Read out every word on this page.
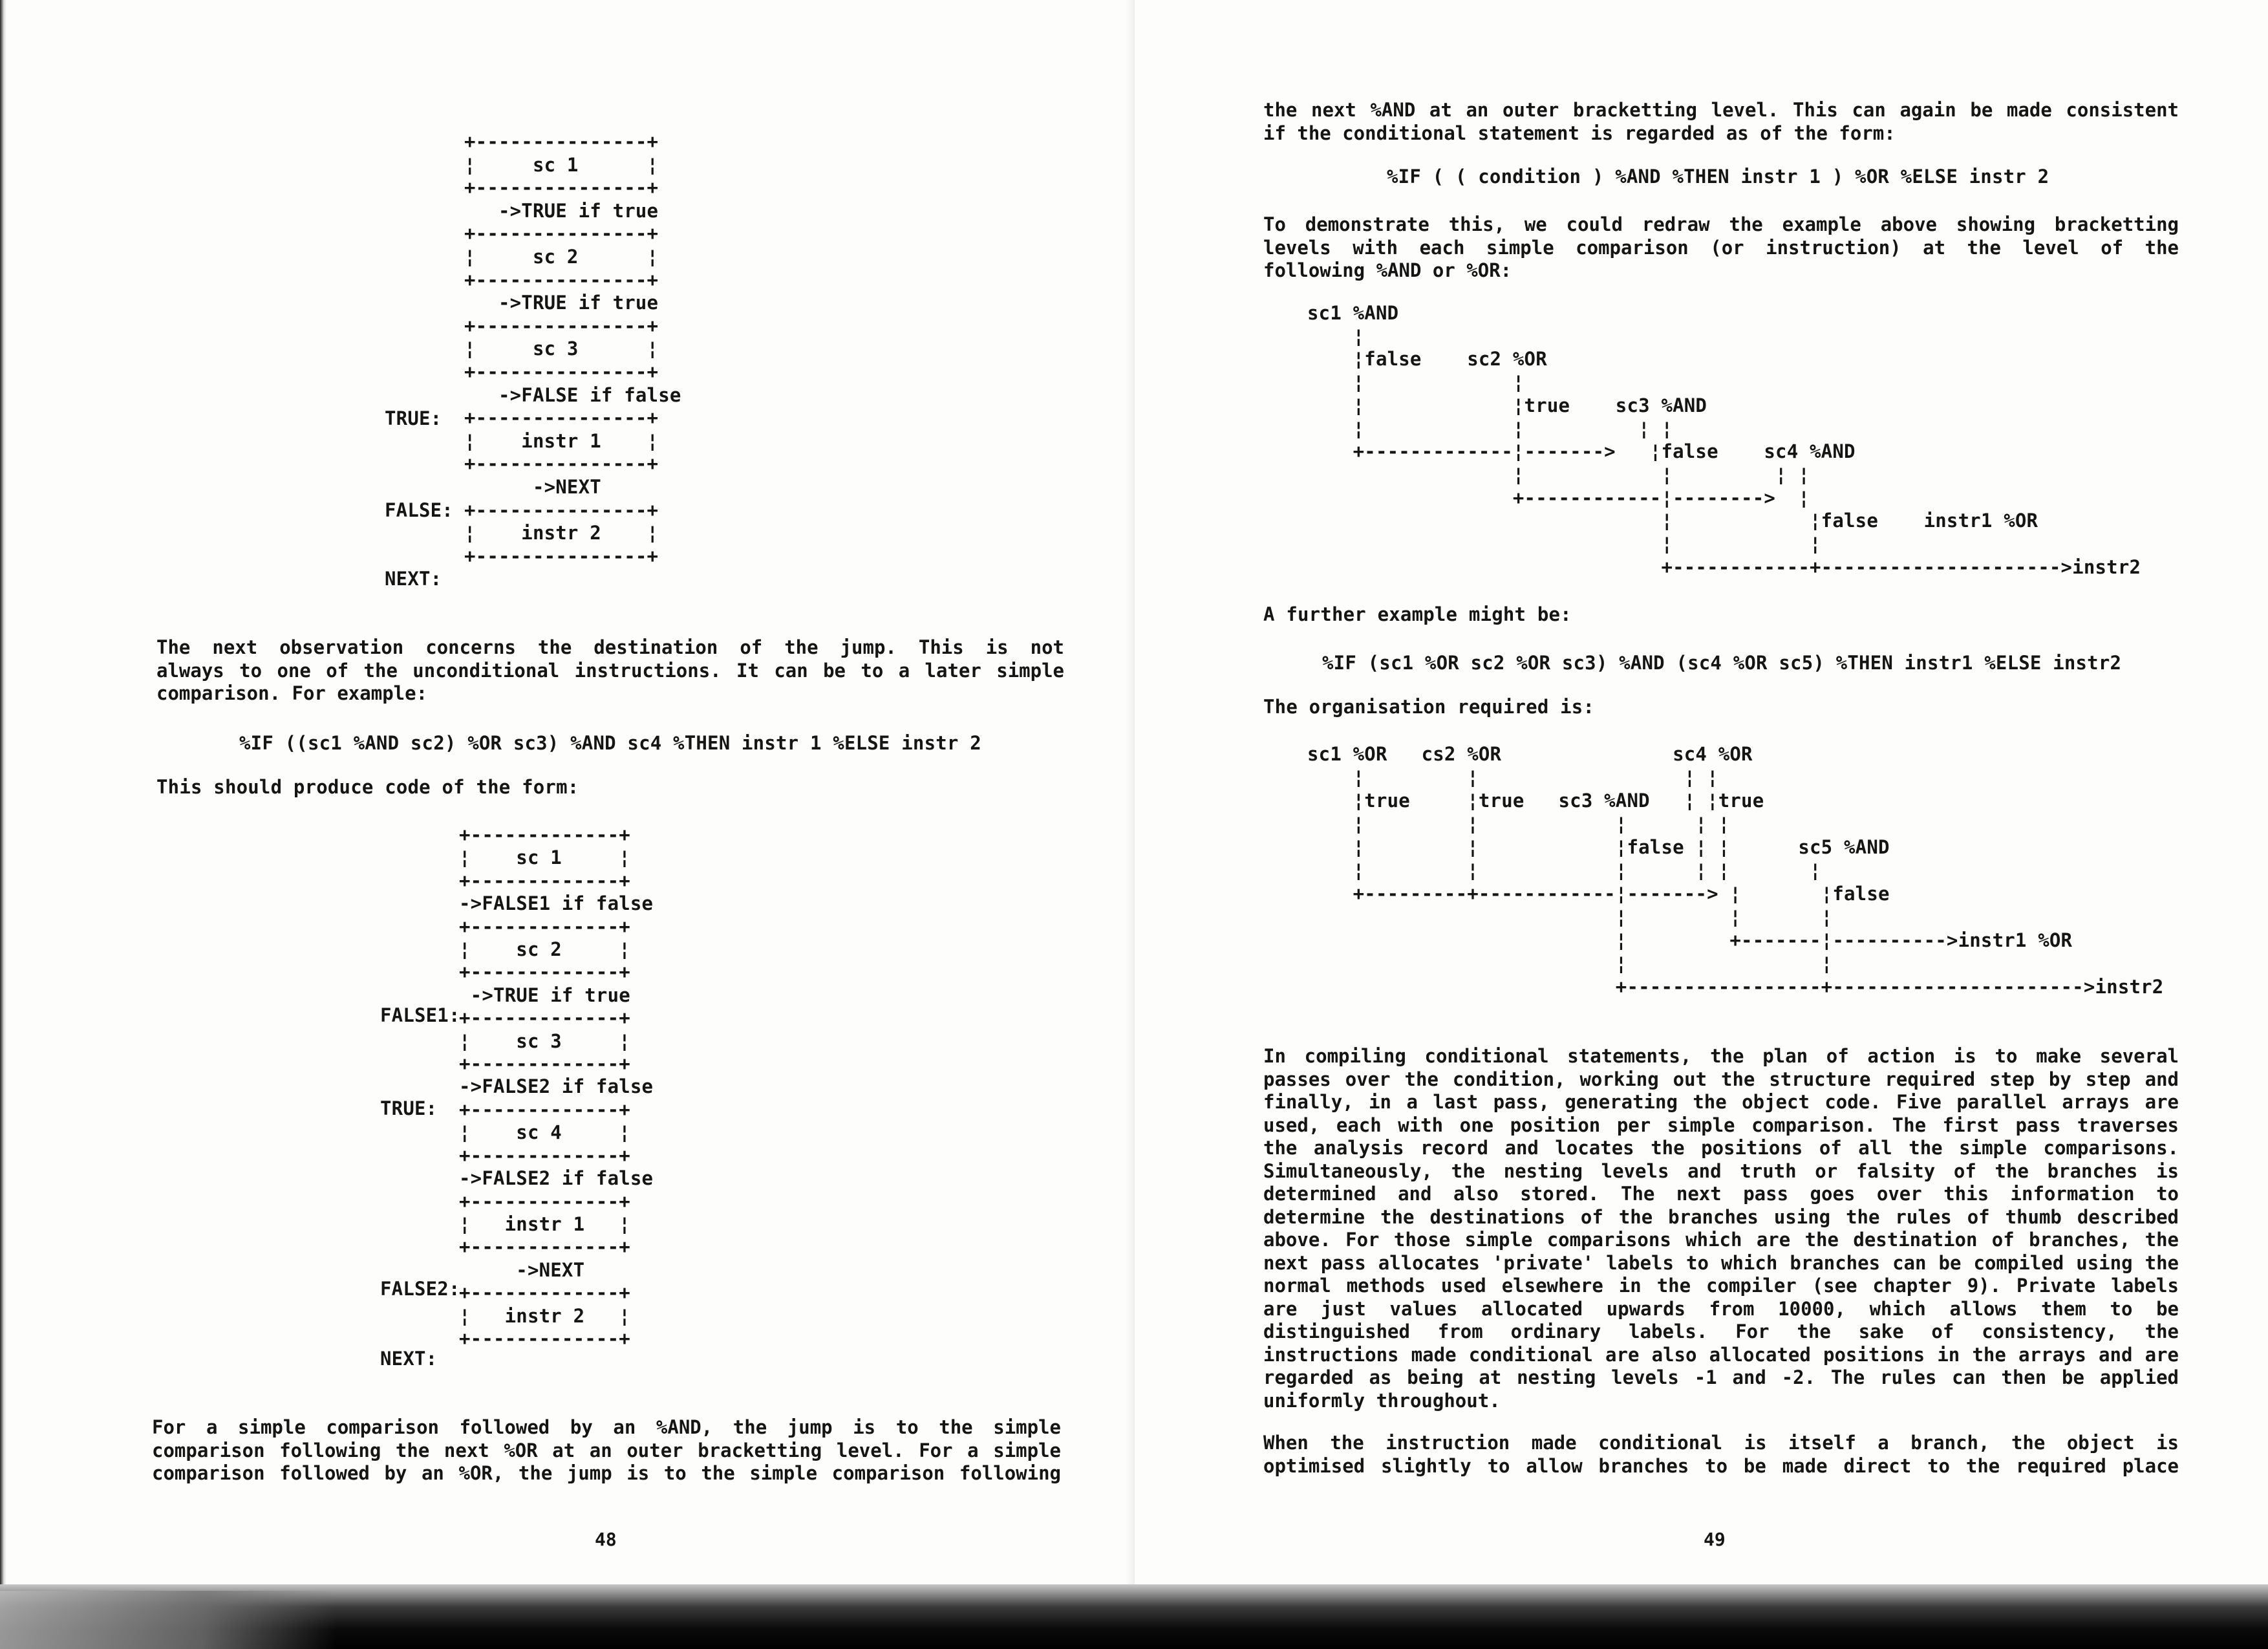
+---------------+
¦     sc 1      ¦
+---------------+
->TRUE if true
+---------------+
¦     sc 2      ¦
+---------------+
->TRUE if true
+---------------+
¦     sc 3      ¦
+---------------+
->FALSE if false
+---------------+
¦    instr 1    ¦
+---------------+
->NEXT
+---------------+
¦    instr 2    ¦
+---------------+
TRUE:
FALSE:
NEXT:
The next observation concerns the destination of the jump. This is not
always to one of the unconditional instructions. It can be to a later simple
comparison. For example:
%IF ((sc1 %AND sc2) %OR sc3) %AND sc4 %THEN instr 1 %ELSE instr 2
This should produce code of the form:
+-------------+
¦    sc 1     ¦
+-------------+
->FALSE1 if false
+-------------+
¦    sc 2     ¦
+-------------+
->TRUE if true
+-------------+
¦    sc 3     ¦
+-------------+
->FALSE2 if false
+-------------+
¦    sc 4     ¦
+-------------+
->FALSE2 if false
+-------------+
¦   instr 1   ¦
+-------------+
->NEXT
+-------------+
¦   instr 2   ¦
+-------------+
FALSE1:
TRUE:
FALSE2:
NEXT:
For a simple comparison followed by an %AND, the jump is to the simple
comparison following the next %OR at an outer bracketting level. For a simple
comparison followed by an %OR, the jump is to the simple comparison following
48
the next %AND at an outer bracketting level. This can again be made consistent
if the conditional statement is regarded as of the form:
%IF ( ( condition ) %AND %THEN instr 1 ) %OR %ELSE instr 2
To demonstrate this, we could redraw the example above showing bracketting
levels with each simple comparison (or instruction) at the level of the
following %AND or %OR:
sc1 %AND
¦
¦false    sc2 %OR
¦             ¦
¦             ¦true    sc3 %AND
¦             ¦          ¦ ¦
+-------------¦------->   ¦false    sc4 %AND
¦            ¦         ¦ ¦
+------------¦-------->  ¦
¦            ¦false    instr1 %OR
¦            ¦
+------------+--------------------->instr2
A further example might be:
%IF (sc1 %OR sc2 %OR sc3) %AND (sc4 %OR sc5) %THEN instr1 %ELSE instr2
The organisation required is:
sc1 %OR   cs2 %OR               sc4 %OR
¦         ¦                  ¦ ¦
¦true     ¦true   sc3 %AND   ¦ ¦true
¦         ¦            ¦      ¦ ¦
¦         ¦            ¦false ¦ ¦      sc5 %AND
¦         ¦            ¦      ¦ ¦       ¦
+---------+------------¦-------> ¦       ¦false
¦         ¦       ¦
¦         +-------¦---------->instr1 %OR
¦                 ¦
+-----------------+---------------------->instr2
In compiling conditional statements, the plan of action is to make several
passes over the condition, working out the structure required step by step and
finally, in a last pass, generating the object code. Five parallel arrays are
used, each with one position per simple comparison. The first pass traverses
the analysis record and locates the positions of all the simple comparisons.
Simultaneously, the nesting levels and truth or falsity of the branches is
determined and also stored. The next pass goes over this information to
determine the destinations of the branches using the rules of thumb described
above. For those simple comparisons which are the destination of branches, the
next pass allocates 'private' labels to which branches can be compiled using the
normal methods used elsewhere in the compiler (see chapter 9). Private labels
are just values allocated upwards from 10000, which allows them to be
distinguished from ordinary labels. For the sake of consistency, the
instructions made conditional are also allocated positions in the arrays and are
regarded as being at nesting levels -1 and -2. The rules can then be applied
uniformly throughout.
When the instruction made conditional is itself a branch, the object is
optimised slightly to allow branches to be made direct to the required place
49
